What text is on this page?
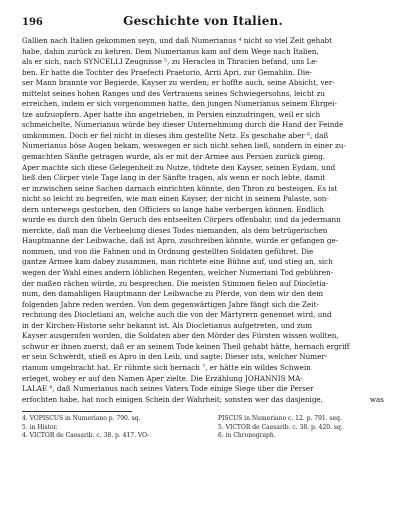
196	Geschichte von Italien.
Gallien nach Italien gekommen seyn, und daß Numerianus ⁴ nicht so viel Zeit gehabt
habe, dahin zurück zu kehren. Dem Numerianus kam auf dem Wege nach Italien,
als er sich, nach SYNCELLI Zeugnisse ⁵, zu Heraclea in Thracien befand, uns Le-
ben. Er hatte die Tochter des Praefecti Praetorio, Arrii Apri, zur Gemahlin. Die-
ser Mann brannte vor Begierde, Kayser zu werden; er hoffte auch, seine Absicht, ver-
mittelst seines hohen Ranges und des Vertrauens seines Schwiegersohns, leicht zu
erreichen, indem er sich vorgenommen hatte, den jungen Numerianus seinem Ehrgei-
tze aufzuopfern. Aper hatte ihn angetrieben, in Persien einzudringen, weil er sich
schmeichelte, Numerianus würde bey dieser Unternehmung durch die Hand der Feinde
umkommen. Doch er fiel nicht in dieses ihm gestellte Netz. Es geschahe aber ⁶, daß
Numerianus böse Augen bekam, weswegen er sich nicht sehen ließ, sondern in einer zu-
gemachten Sänfte getragen wurde, als er mit der Armee aus Persien zurück gieng.
Aper machte sich diese Gelegenheit zu Nutze, tödtete den Kayser, seinen Eydam, und
ließ den Cörper viele Tage lang in der Sänfte tragen, als wenn er noch lebte, damit
er inzwischen seine Sachen darnach einrichten könnte, den Thron zu besteigen. Es ist
nicht so leicht zu begreifen, wie man einen Kayser, der nicht in seinem Palaste, son-
dern unterwegs gestorben, den Officiers so lange habe verbergen können. Endlich
wurde es durch den übeln Geruch des entseelten Cörpers offenbahr, und da jedermann
merckte, daß man die Verheelung dieses Todes niemanden, als dem betrügerischen
Hauptmanne der Leibwache, daß ist Apro, zuschreiben könnte, wurde er gefangen ge-
nommen, und von die Fahnen und in Ordnung gestellten Soldaten geführet. Die
gantze Armee kam dabey zusammen, man richtete eine Bühne auf, und stieg an, sich
wegen der Wahl eines andern löblichen Regenten, welcher Numeriani Tod gebühren-
der maßen rächen würde, zu besprechen. Die meisten Stimmen fielen auf Diocletia-
num, den damahligen Hauptmann der Leibwache zu Pferde, von dem wir den dem
folgenden Jahre reden werden. Von dem gegenwärtigen Jahre fängt sich die Zeit-
rechnung des Diocletiani an, welche auch die von der Märtyrern genennet wird, und
in der Kirchen-Historie sehr bekannt ist. Als Diocletianus aufgetreten, und zum
Kayser ausgerufen worden, die Soldaten aber den Mörder des Fürsten wissen wollten,
schwur er ihnen zuerst, daß er an seinem Tode keinen Theil gehabt hätte, hernach ergriff
er sein Schwerdt, stieß es Apro in den Leib, und sagte: Dieser ists, welcher Numer-
rianum umgebracht hat. Er rühmte sich hernach ⁷, er hätte ein wildes Schwein
erleget, wobey er auf den Namen Aper zielte. Die Erzählung JOHANNIS MA-
LALAE ⁸, daß Numerianus nach seines Vaters Tode einige Siege über die Perser
erfochten habe, hat noch einigen Schein der Wahrheit; sonsten wer das dasjenige,	was
4. VOPISCUS in Numeriano p. 790. sq.	PISCUS in Numeriano c. 12. p. 791. seq.
5. in Histor.	5. VICTOR de Caesarib. c. 38. p. 420. sq.
4. VICTOR de Caesarib. c. 38. p. 417. VO-	6. in Chronograph.
